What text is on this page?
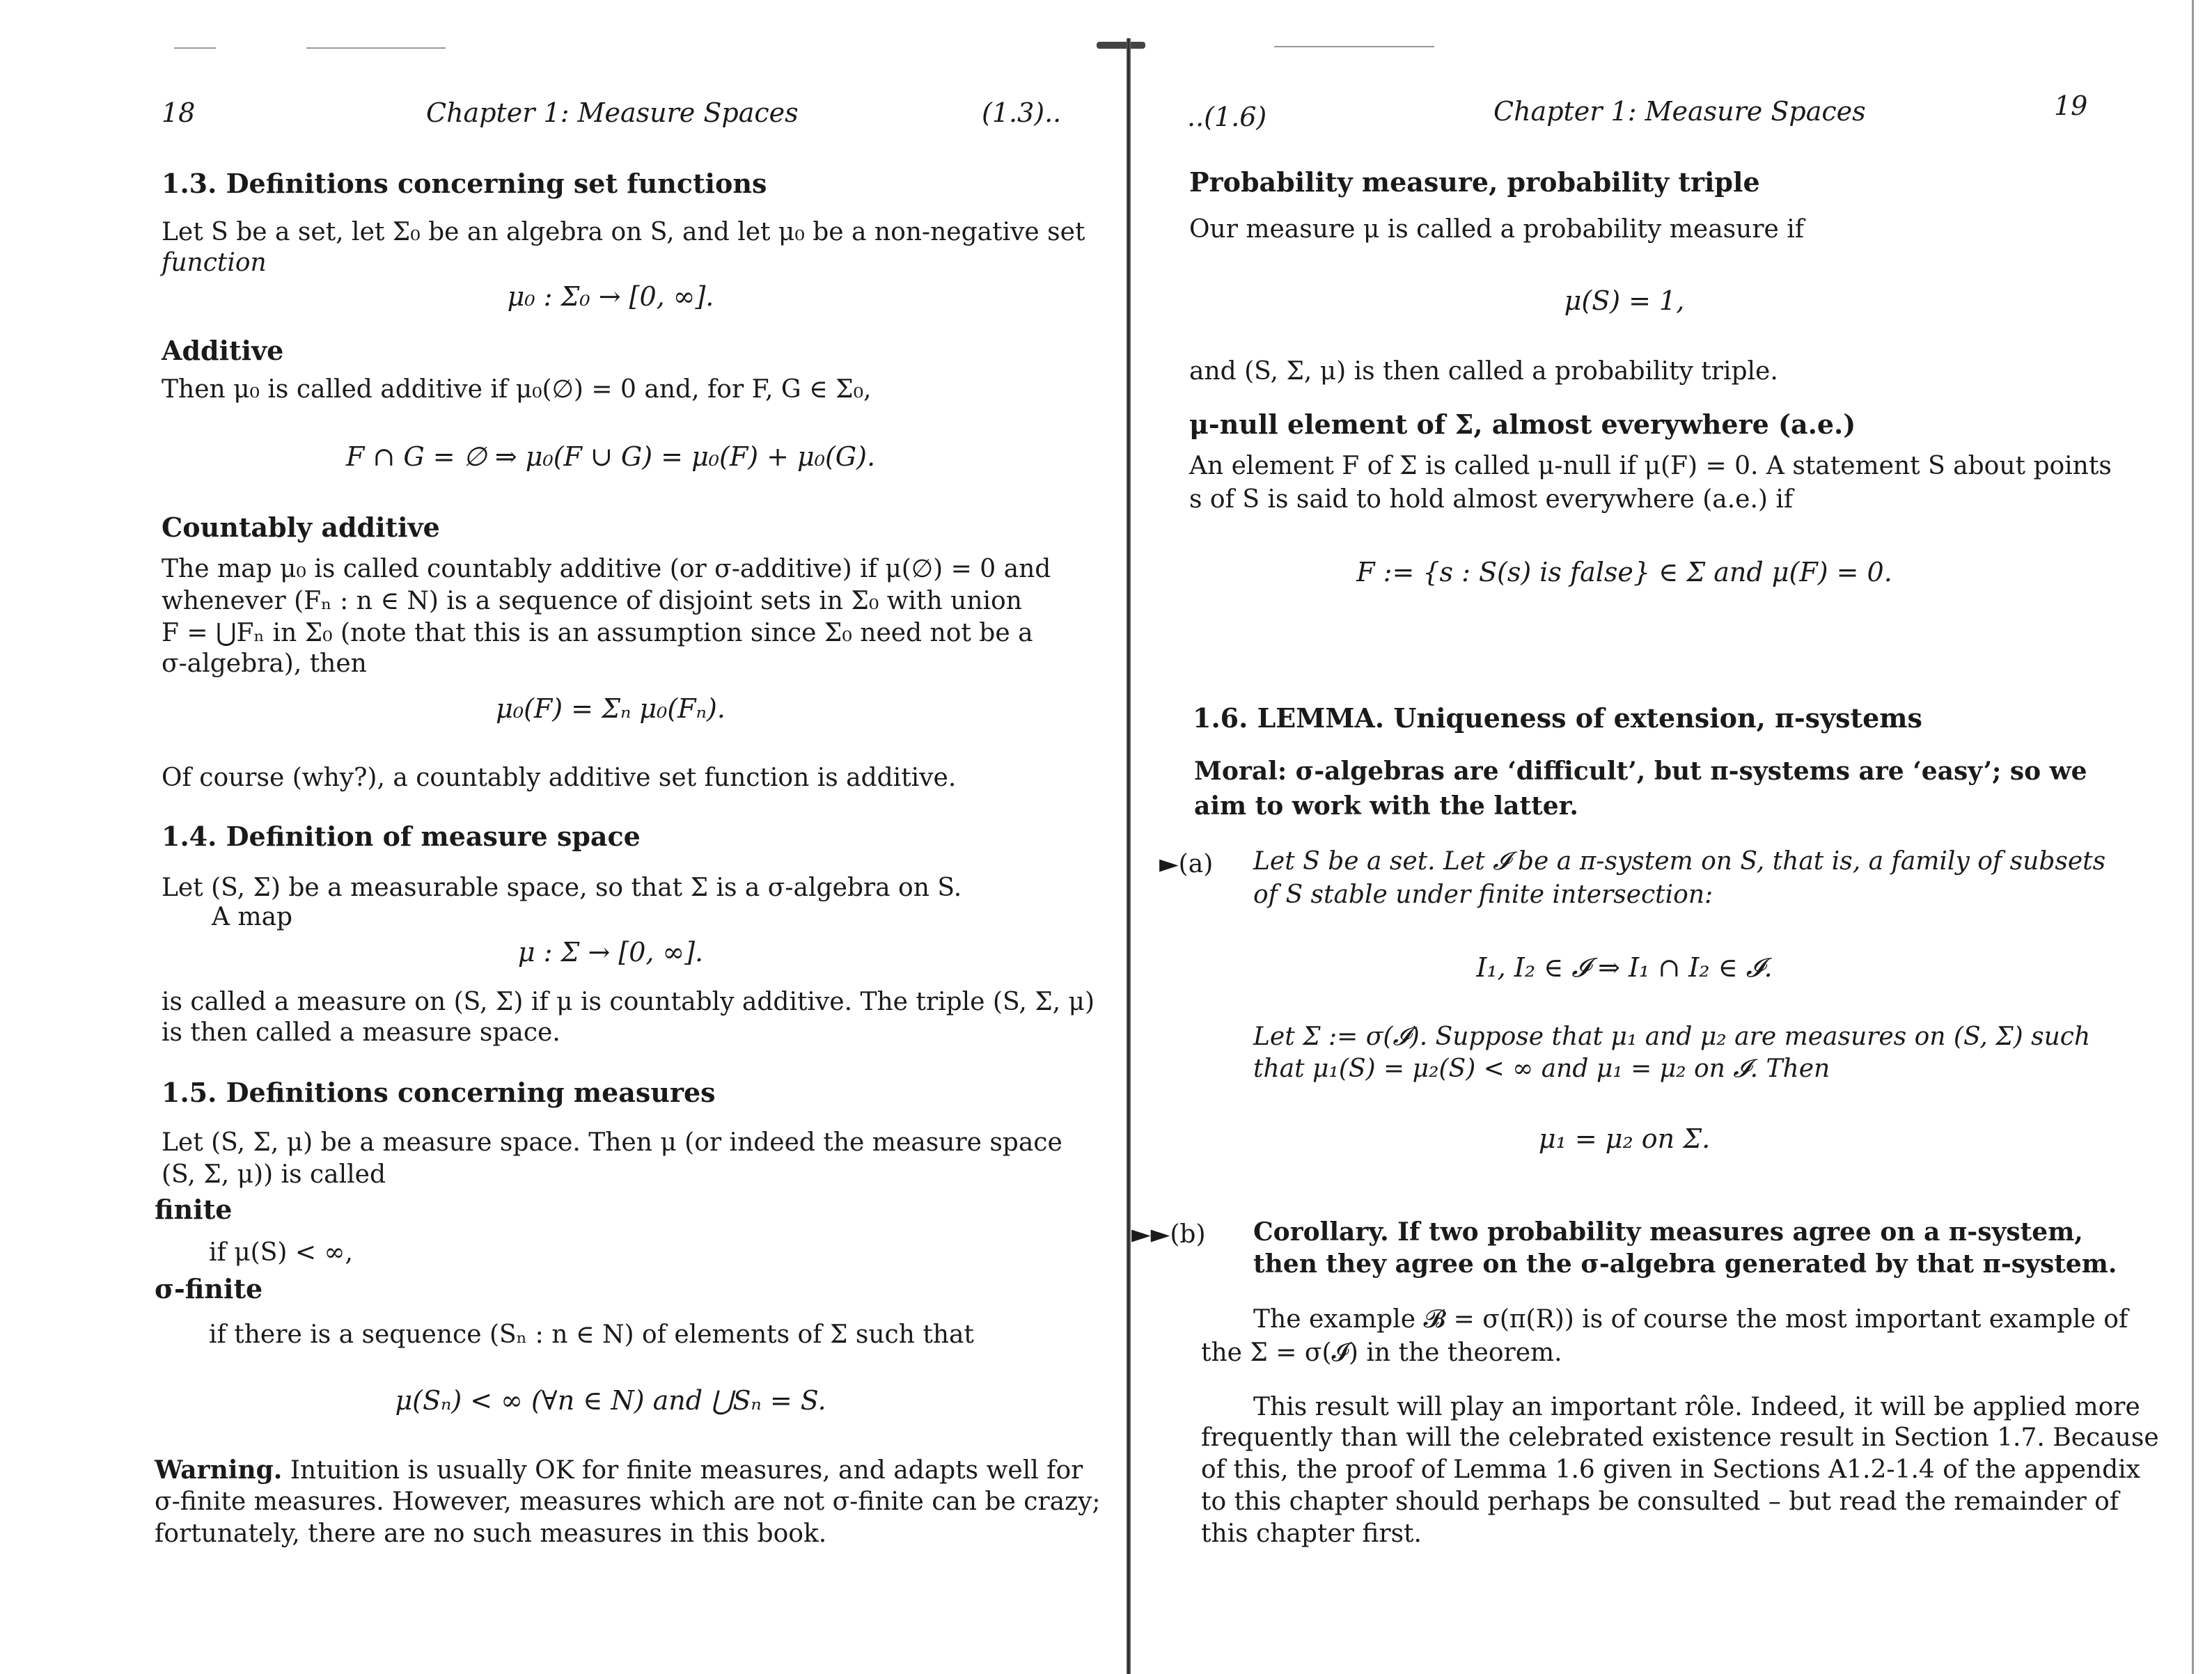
18	Chapter 1: Measure Spaces	(1.3)..
1.3. Definitions concerning set functions
Let S be a set, let Σ₀ be an algebra on S, and let μ₀ be a non-negative set
function
μ₀ : Σ₀ → [0, ∞].
Additive
Then μ₀ is called additive if μ₀(∅) = 0 and, for F, G ∈ Σ₀,
F ∩ G = ∅ ⇒ μ₀(F ∪ G) = μ₀(F) + μ₀(G).
Countably additive
The map μ₀ is called countably additive (or σ-additive) if μ(∅) = 0 and
whenever (Fₙ : n ∈ N) is a sequence of disjoint sets in Σ₀ with union
F = ⋃Fₙ in Σ₀ (note that this is an assumption since Σ₀ need not be a
σ-algebra), then
μ₀(F) = Σₙ μ₀(Fₙ).
Of course (why?), a countably additive set function is additive.
1.4. Definition of measure space
Let (S, Σ) be a measurable space, so that Σ is a σ-algebra on S.
A map
μ : Σ → [0, ∞].
is called a measure on (S, Σ) if μ is countably additive. The triple (S, Σ, μ)
is then called a measure space.
1.5. Definitions concerning measures
Let (S, Σ, μ) be a measure space. Then μ (or indeed the measure space
(S, Σ, μ)) is called
finite
if μ(S) < ∞,
σ-finite
if there is a sequence (Sₙ : n ∈ N) of elements of Σ such that
μ(Sₙ) < ∞ (∀n ∈ N) and ⋃Sₙ = S.
Warning. Intuition is usually OK for finite measures, and adapts well for
σ-finite measures. However, measures which are not σ-finite can be crazy;
fortunately, there are no such measures in this book.
..(1.6)	Chapter 1: Measure Spaces	19
Probability measure, probability triple
Our measure μ is called a probability measure if
μ(S) = 1,
and (S, Σ, μ) is then called a probability triple.
μ-null element of Σ, almost everywhere (a.e.)
An element F of Σ is called μ-null if μ(F) = 0. A statement S about points
s of S is said to hold almost everywhere (a.e.) if
F := {s : S(s) is false} ∈ Σ and μ(F) = 0.
1.6. LEMMA. Uniqueness of extension, π-systems
Moral: σ-algebras are ‘difficult’, but π-systems are ‘easy’; so we
aim to work with the latter.
►(a) Let S be a set. Let 𝓘 be a π-system on S, that is, a family of subsets
of S stable under finite intersection:
I₁, I₂ ∈ 𝓘 ⇒ I₁ ∩ I₂ ∈ 𝓘.
Let Σ := σ(𝓘). Suppose that μ₁ and μ₂ are measures on (S, Σ) such
that μ₁(S) = μ₂(S) < ∞ and μ₁ = μ₂ on 𝓘. Then
μ₁ = μ₂ on Σ.
►►(b) Corollary. If two probability measures agree on a π-system,
then they agree on the σ-algebra generated by that π-system.
The example 𝓑 = σ(π(R)) is of course the most important example of
the Σ = σ(𝓘) in the theorem.
This result will play an important rôle. Indeed, it will be applied more
frequently than will the celebrated existence result in Section 1.7. Because
of this, the proof of Lemma 1.6 given in Sections A1.2-1.4 of the appendix
to this chapter should perhaps be consulted – but read the remainder of
this chapter first.
